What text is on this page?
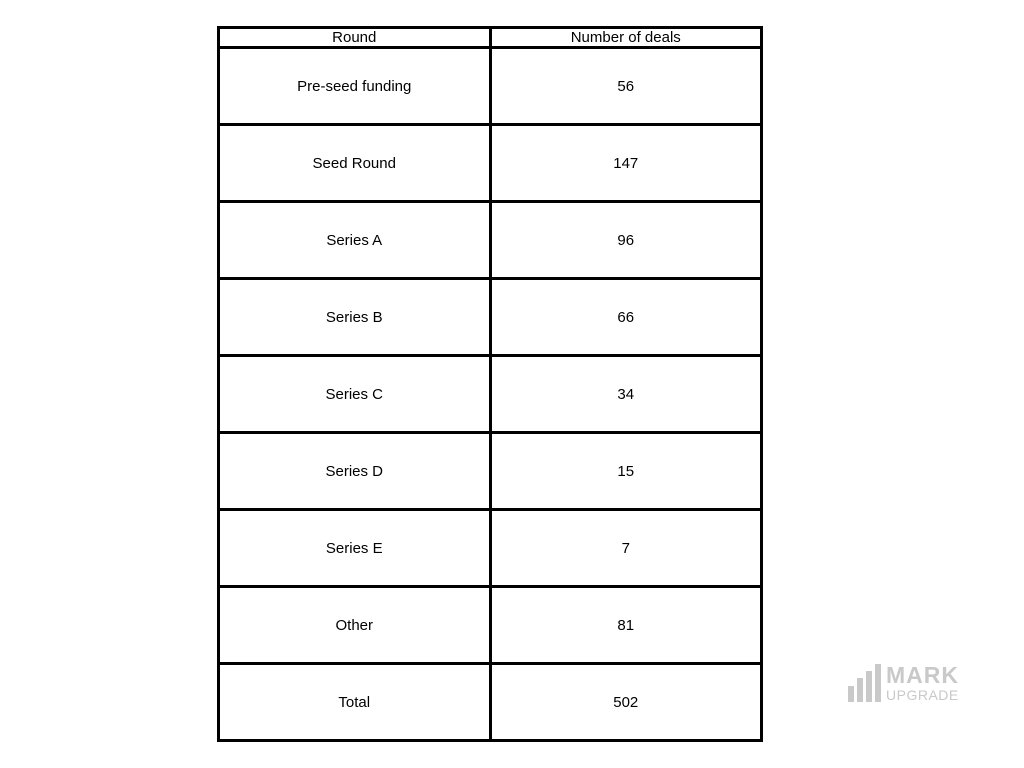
Round	Number of deals
Pre-seed funding	56
Seed Round	147
Series A	96
Series B	66
Series C	34
Series D	15
Series E	7
Other	81
Total	502
MARK
UPGRADE
